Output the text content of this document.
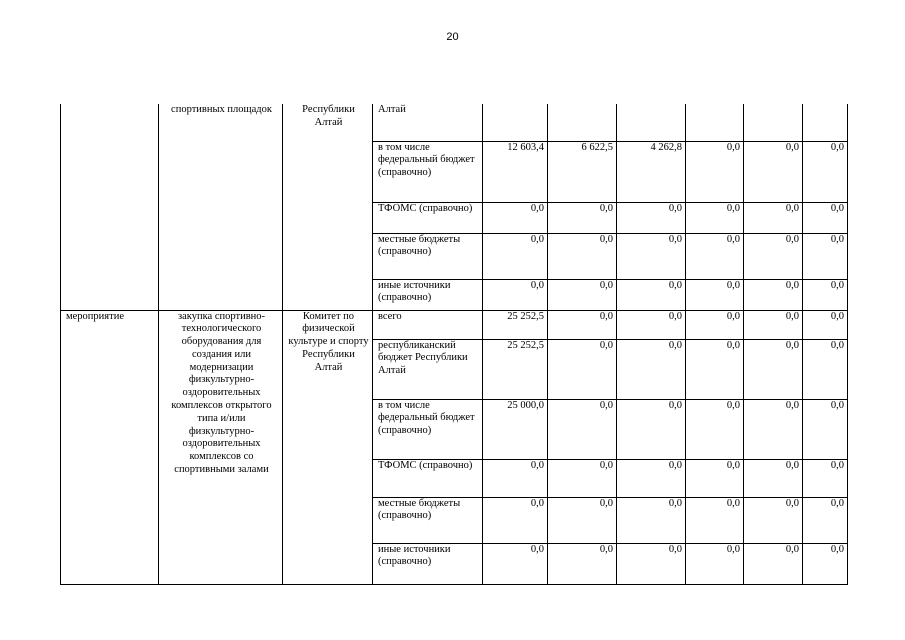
20
	спортивных площадок	Республики Алтай	Алтай						
			в том числе федеральный бюджет (справочно)	12 603,4	6 622,5	4 262,8	0,0	0,0	0,0
			ТФОМС (справочно)	0,0	0,0	0,0	0,0	0,0	0,0
			местные бюджеты (справочно)	0,0	0,0	0,0	0,0	0,0	0,0
			иные источники (справочно)	0,0	0,0	0,0	0,0	0,0	0,0
мероприятие	закупка спортивно-технологического оборудования для создания или модернизации физкультурно-оздоровительных комплексов открытого типа и/или физкультурно-оздоровительных комплексов со спортивными залами	Комитет по физической культуре и спорту Республики Алтай	всего	25 252,5	0,0	0,0	0,0	0,0	0,0
			республиканский бюджет Республики Алтай	25 252,5	0,0	0,0	0,0	0,0	0,0
			в том числе федеральный бюджет (справочно)	25 000,0	0,0	0,0	0,0	0,0	0,0
			ТФОМС (справочно)	0,0	0,0	0,0	0,0	0,0	0,0
			местные бюджеты (справочно)	0,0	0,0	0,0	0,0	0,0	0,0
			иные источники (справочно)	0,0	0,0	0,0	0,0	0,0	0,0
